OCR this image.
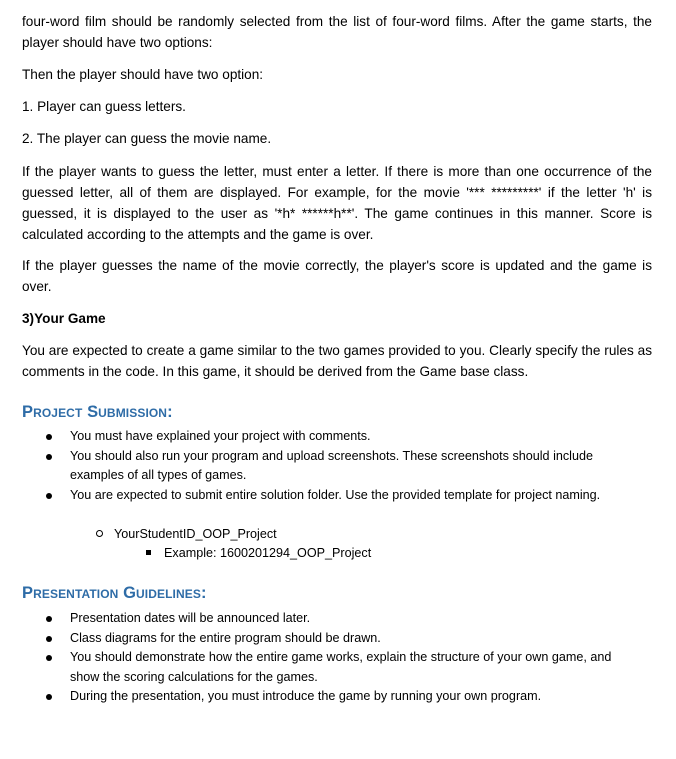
four-word film should be randomly selected from the list of four-word films. After the game starts, the player should have two options:

Then the player should have two option:

1. Player can guess letters.

2. The player can guess the movie name.

If the player wants to guess the letter, must enter a letter. If there is more than one occurrence of the guessed letter, all of them are displayed. For example, for the movie '*** *********' if the letter 'h' is guessed, it is displayed to the user as '*h* ******h**'. The game continues in this manner. Score is calculated according to the attempts and the game is over.

If the player guesses the name of the movie correctly, the player's score is updated and the game is over.

3)Your Game

You are expected to create a game similar to the two games provided to you. Clearly specify the rules as comments in the code. In this game, it should be derived from the Game base class.

Project Submission:
You must have explained your project with comments.
You should also run your program and upload screenshots. These screenshots should include examples of all types of games.
You are expected to submit entire solution folder. Use the provided template for project naming.

YourStudentID_OOP_Project

Example: 1600201294_OOP_Project

Presentation Guidelines:
Presentation dates will be announced later.
Class diagrams for the entire program should be drawn.
You should demonstrate how the entire game works, explain the structure of your own game, and show the scoring calculations for the games.
During the presentation, you must introduce the game by running your own program.
